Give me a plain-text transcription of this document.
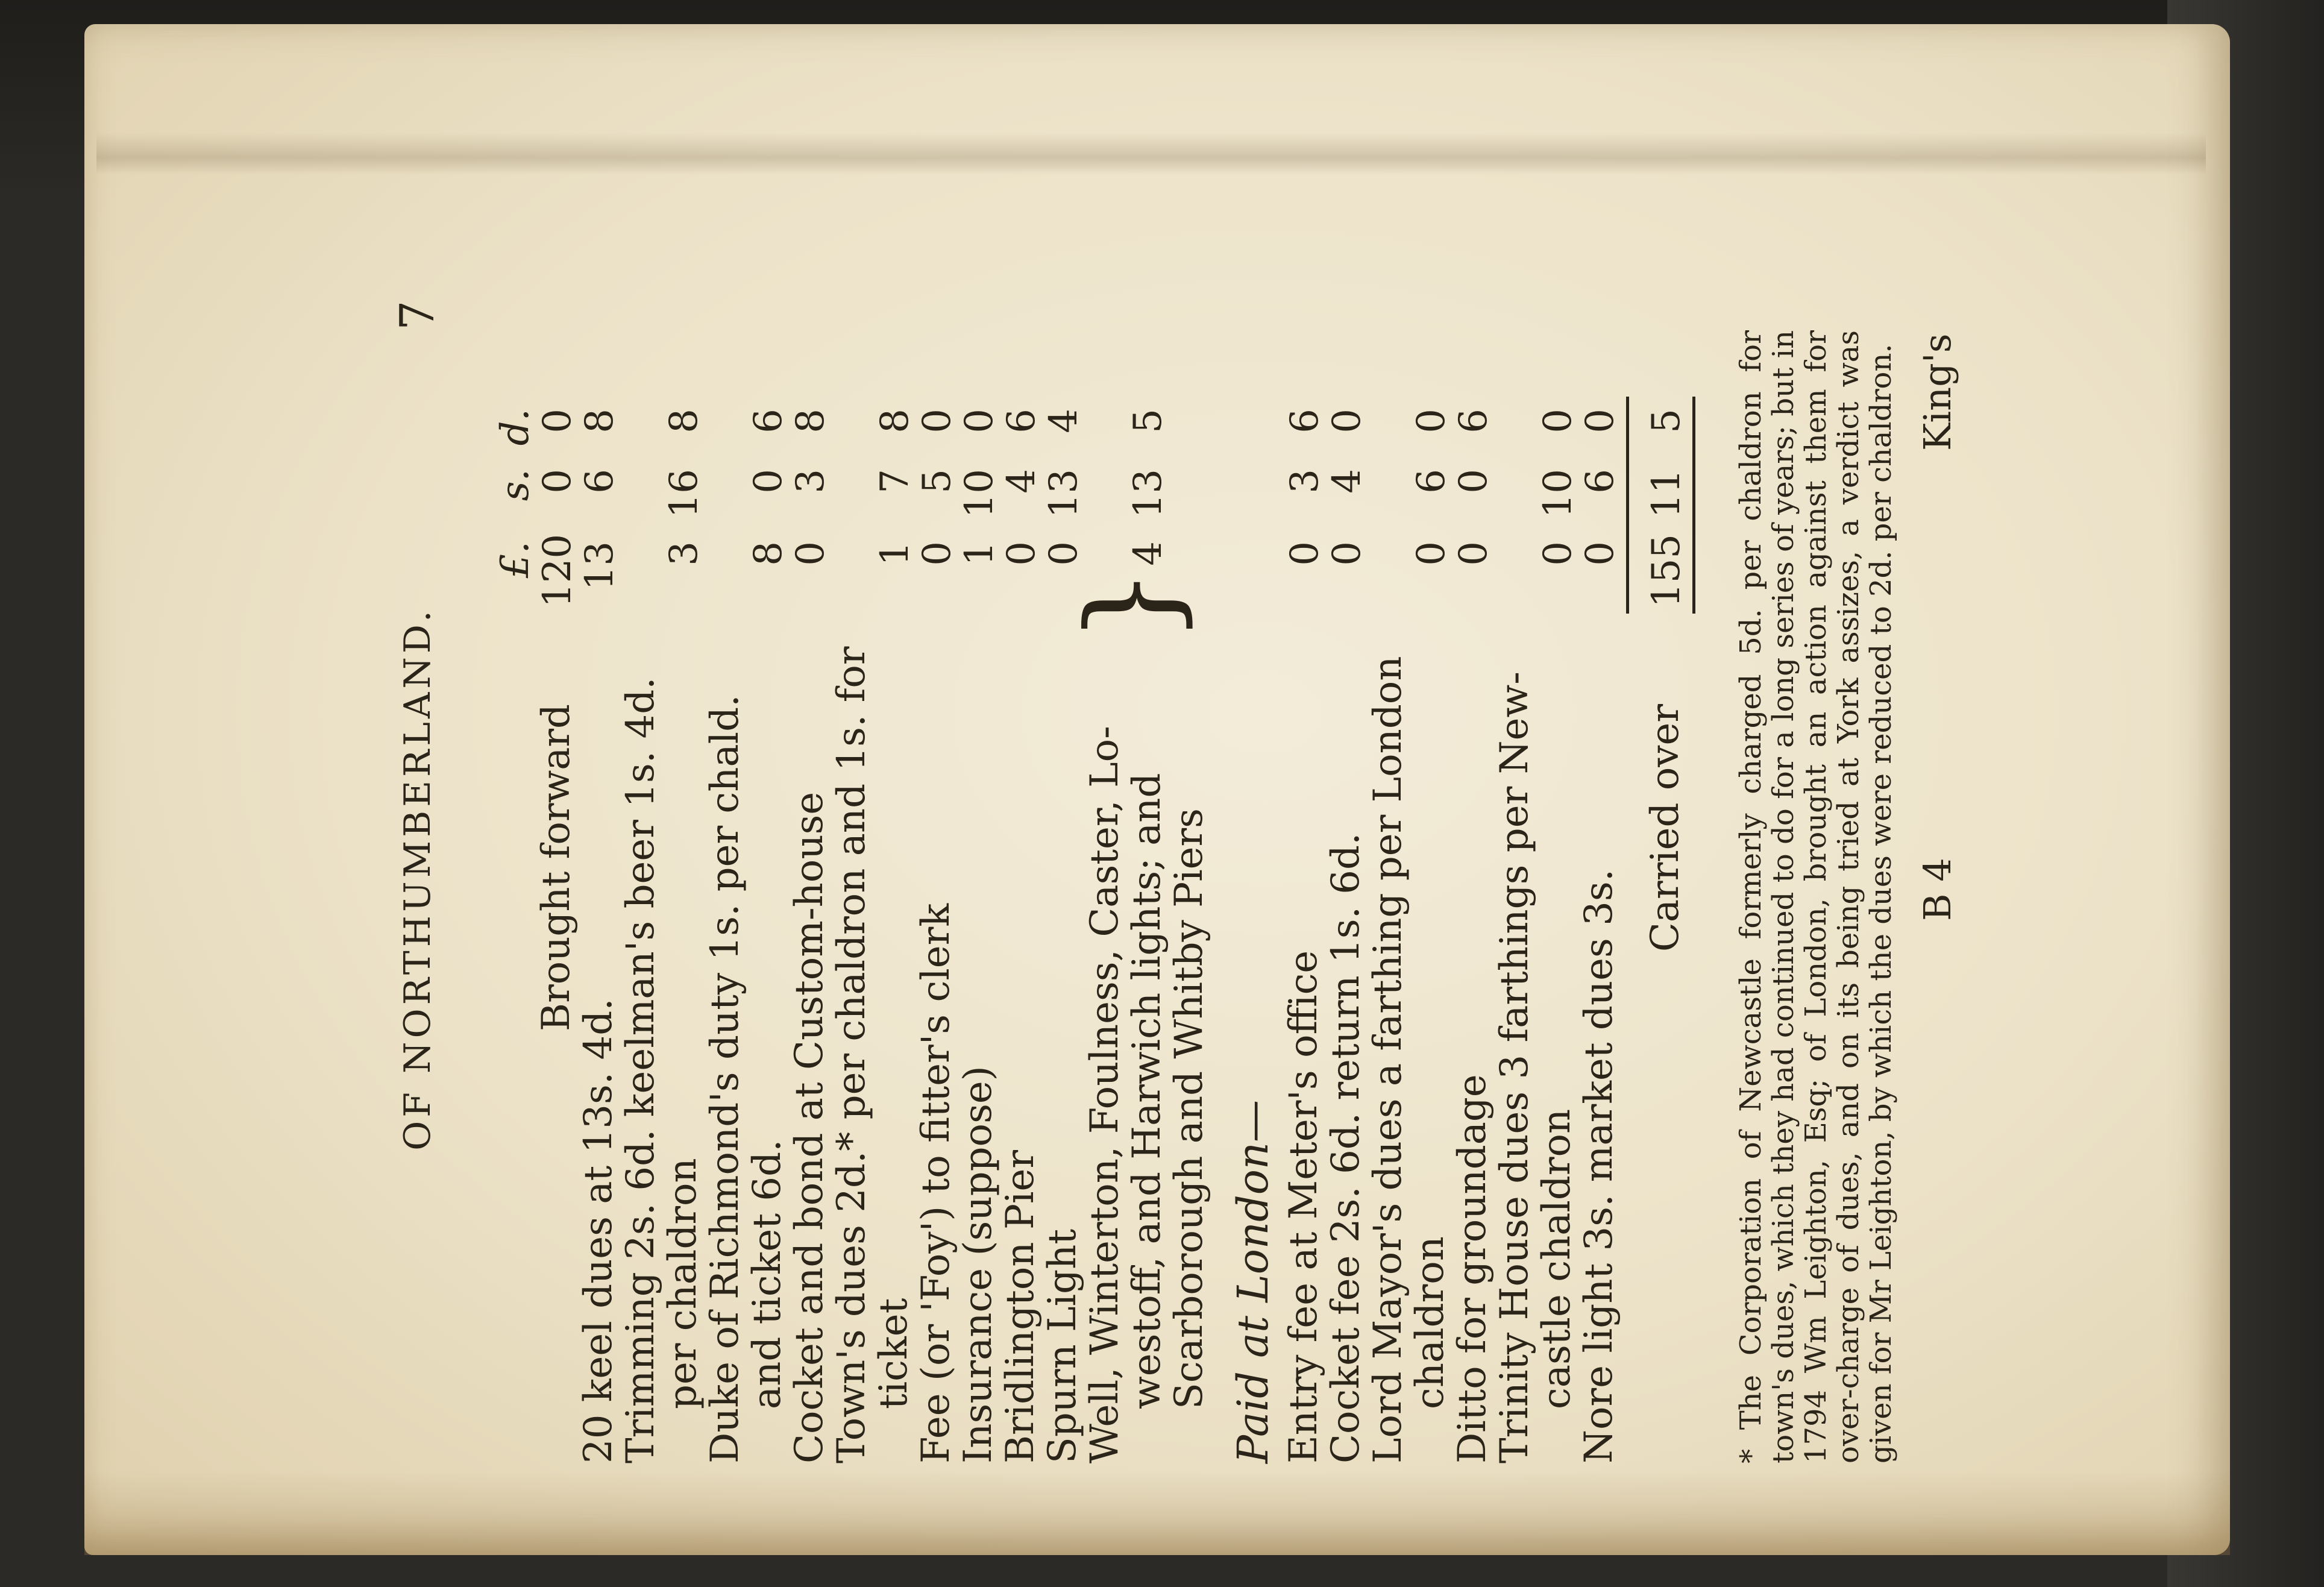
OF NORTHUMBERLAND.
7
£.
s.
d.
Brought forward
120
0
0
20 keel dues at 13s. 4d.
13
6
8
Trimming 2s. 6d. keelman's beer 1s. 4d.
per chaldron
3
16
8
Duke of Richmond's duty 1s. per chald.
and ticket 6d.
8
0
6
Cocket and bond at Custom-house
0
3
8
Town's dues 2d.* per chaldron and 1s. for
ticket
1
7
8
Fee (or 'Foy') to fitter's clerk
0
5
0
Insurance (suppose)
1
10
0
Bridlington Pier
0
4
6
Spurn Light
0
13
4
Well, Winterton, Foulness, Caster, Lo-
westoff, and Harwich lights; and
Scarborough and Whitby Piers
}
4
13
5
Paid at London— Entry fee at Meter's office
0
3
6
Cocket fee 2s. 6d. return 1s. 6d.
0
4
0
Lord Mayor's dues a farthing per London
chaldron
0
6
0
Ditto for groundage
0
0
6
Trinity House dues 3 farthings per New-
castle chaldron
0
10
0
Nore light 3s. market dues 3s.
0
6
0
Carried over
155
11
5 * The Corporation of Newcastle formerly charged 5d. per chaldron for town's dues, which they had continued to do for a long series of years; but in 1794 Wm Leighton, Esq; of London, brought an action against them for over-charge of dues, and on its being tried at York assizes, a verdict was given for Mr Leighton, by which the dues were reduced to 2d. per chaldron. B 4
King's
